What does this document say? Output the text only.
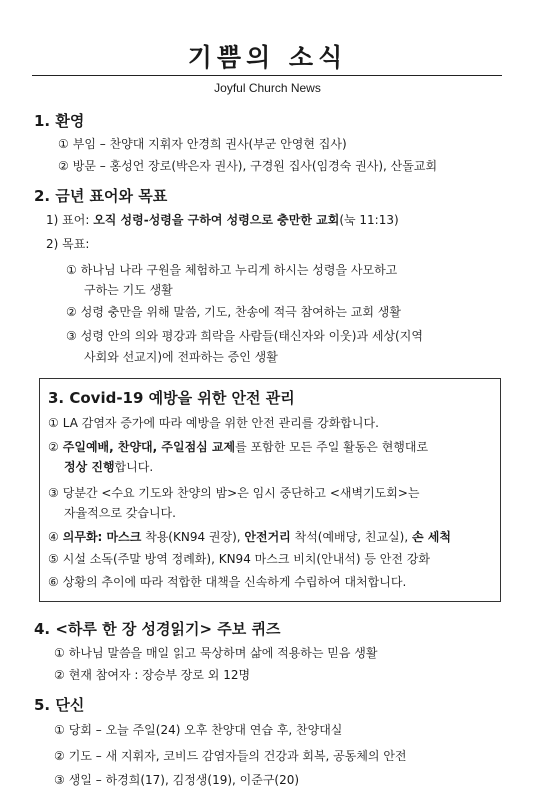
기쁨의 소식
Joyful Church News
1. 환영
① 부임 – 찬양대 지휘자 안경희 권사(부군 안영현 집사)
② 방문 – 홍성언 장로(박은자 권사), 구경원 집사(임경숙 권사), 산돌교회
2. 금년 표어와 목표
1) 표어: 오직 성령-성령을 구하여 성령으로 충만한 교회(눅 11:13)
2) 목표:
① 하나님 나라 구원을 체험하고 누리게 하시는 성령을 사모하고
구하는 기도 생활
② 성령 충만을 위해 말씀, 기도, 찬송에 적극 참여하는 교회 생활
③ 성령 안의 의와 평강과 희락을 사람들(태신자와 이웃)과 세상(지역
사회와 선교지)에 전파하는 증인 생활
3. Covid-19 예방을 위한 안전 관리
① LA 감염자 증가에 따라 예방을 위한 안전 관리를 강화합니다.
② 주일예배, 찬양대, 주일점심 교제를 포함한 모든 주일 활동은 현행대로
정상 진행합니다.
③ 당분간 <수요 기도와 찬양의 밤>은 임시 중단하고 <새벽기도회>는
자율적으로 갖습니다.
④ 의무화: 마스크 착용(KN94 권장), 안전거리 착석(예배당, 친교실), 손 세척
⑤ 시설 소독(주말 방역 정례화), KN94 마스크 비치(안내석) 등 안전 강화
⑥ 상황의 추이에 따라 적합한 대책을 신속하게 수립하여 대처합니다.
4. <하루 한 장 성경읽기> 주보 퀴즈
① 하나님 말씀을 매일 읽고 묵상하며 삶에 적용하는 믿음 생활
② 현재 참여자 : 장승부 장로 외 12명
5. 단신
① 당회 – 오늘 주일(24) 오후 찬양대 연습 후, 찬양대실
② 기도 – 새 지휘자, 코비드 감염자들의 건강과 회복, 공동체의 안전
③ 생일 – 하경희(17), 김정생(19), 이준구(20)
